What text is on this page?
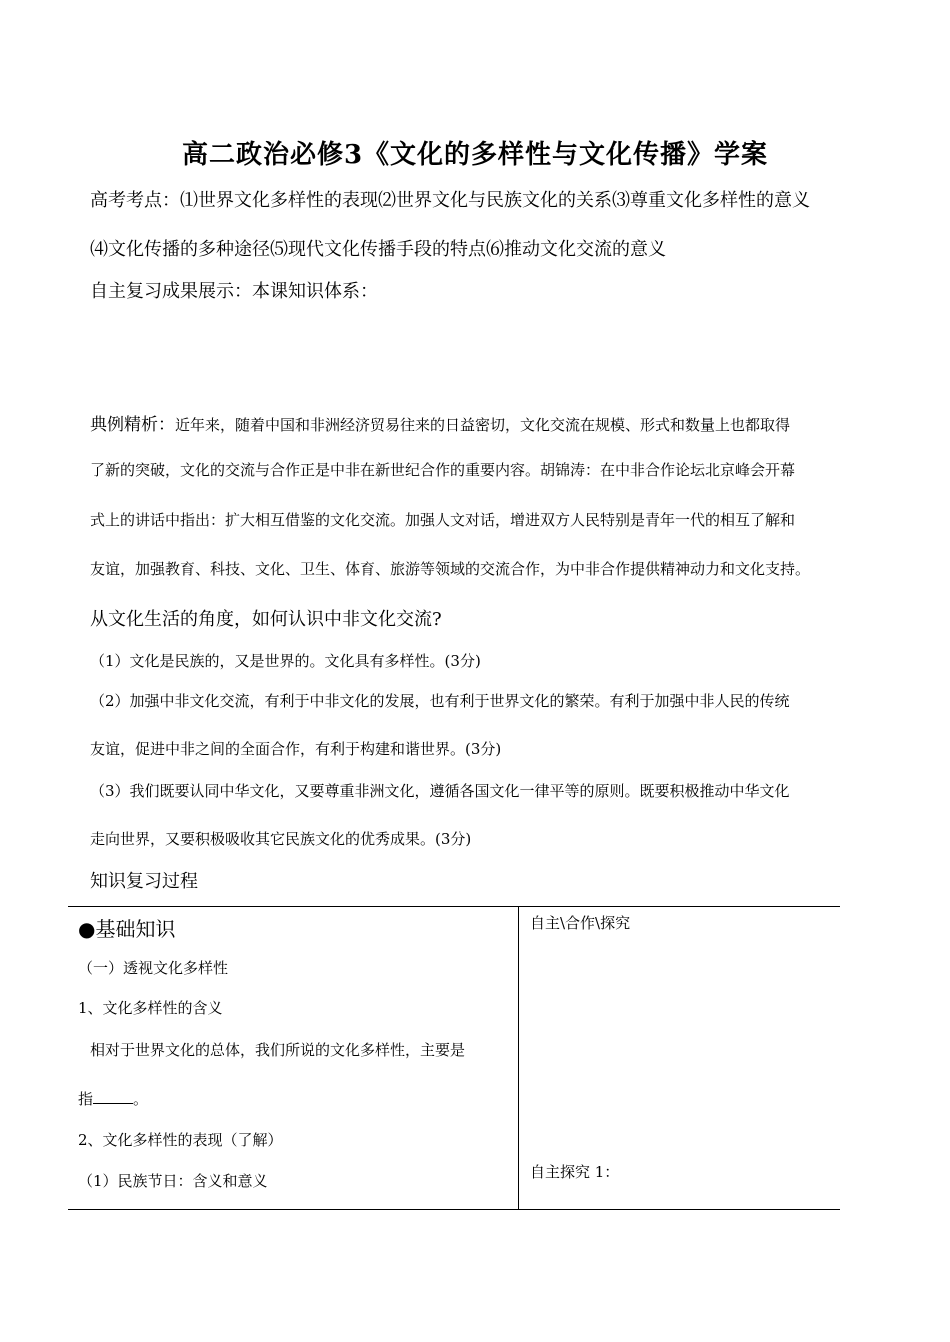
高二政治必修3《文化的多样性与文化传播》学案
高考考点：⑴世界文化多样性的表现⑵世界文化与民族文化的关系⑶尊重文化多样性的意义
⑷文化传播的多种途径⑸现代文化传播手段的特点⑹推动文化交流的意义
自主复习成果展示：本课知识体系：
典例精析：近年来，随着中国和非洲经济贸易往来的日益密切，文化交流在规模、形式和数量上也都取得
了新的突破，文化的交流与合作正是中非在新世纪合作的重要内容。胡锦涛：在中非合作论坛北京峰会开幕
式上的讲话中指出：扩大相互借鉴的文化交流。加强人文对话，增进双方人民特别是青年一代的相互了解和
友谊，加强教育、科技、文化、卫生、体育、旅游等领域的交流合作，为中非合作提供精神动力和文化支持。
从文化生活的角度，如何认识中非文化交流?
（1）文化是民族的，又是世界的。文化具有多样性。(3分)
（2）加强中非文化交流，有利于中非文化的发展，也有利于世界文化的繁荣。有利于加强中非人民的传统
友谊，促进中非之间的全面合作，有利于构建和谐世界。(3分)
（3）我们既要认同中华文化，又要尊重非洲文化，遵循各国文化一律平等的原则。既要积极推动中华文化
走向世界，又要积极吸收其它民族文化的优秀成果。(3分)
知识复习过程
●基础知识
（一）透视文化多样性
1、文化多样性的含义
相对于世界文化的总体，我们所说的文化多样性，主要是
指	。
2、文化多样性的表现（了解）
（1）民族节日：含义和意义
自主\合作\探究
自主探究 1：
